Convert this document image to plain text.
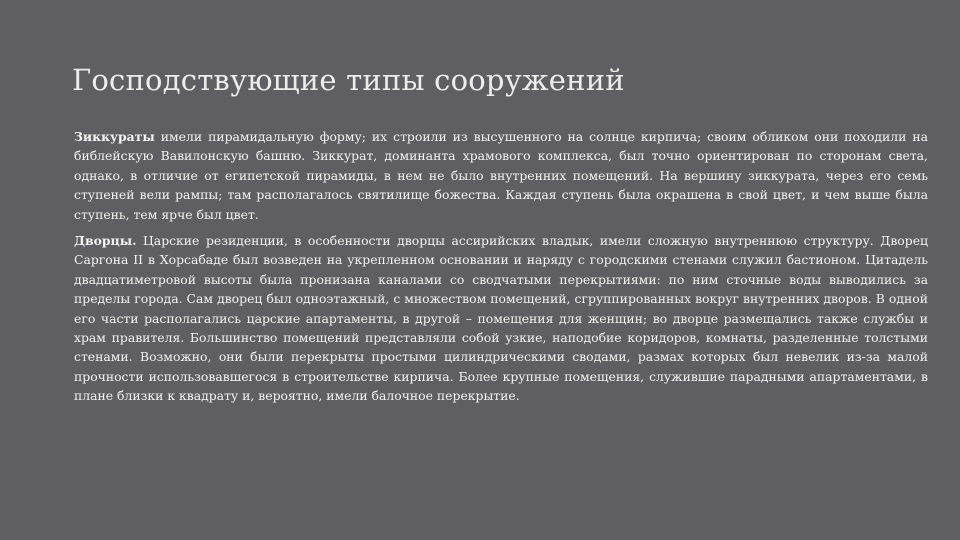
Господствующие типы сооружений

Зиккураты имели пирамидальную форму; их строили из высушенного на солнце кирпича; своим обликом они походили на библейскую Вавилонскую башню. Зиккурат, доминанта храмового комплекса, был точно ориентирован по сторонам света, однако, в отличие от египетской пирамиды, в нем не было внутренних помещений. На вершину зиккурата, через его семь ступеней вели рампы; там располагалось святилище божества. Каждая ступень была окрашена в свой цвет, и чем выше была ступень, тем ярче был цвет.

Дворцы. Царские резиденции, в особенности дворцы ассирийских владык, имели сложную внутреннюю структуру. Дворец Саргона II в Хорсабаде был возведен на укрепленном основании и наряду с городскими стенами служил бастионом. Цитадель двадцатиметровой высоты была пронизана каналами со сводчатыми перекрытиями: по ним сточные воды выводились за пределы города. Сам дворец был одноэтажный, с множеством помещений, сгруппированных вокруг внутренних дворов. В одной его части располагались царские апартаменты, в другой – помещения для женщин; во дворце размещались также службы и храм правителя. Большинство помещений представляли собой узкие, наподобие коридоров, комнаты, разделенные толстыми стенами. Возможно, они были перекрыты простыми цилиндрическими сводами, размах которых был невелик из-за малой прочности использовавшегося в строительстве кирпича. Более крупные помещения, служившие парадными апартаментами, в плане близки к квадрату и, вероятно, имели балочное перекрытие.
